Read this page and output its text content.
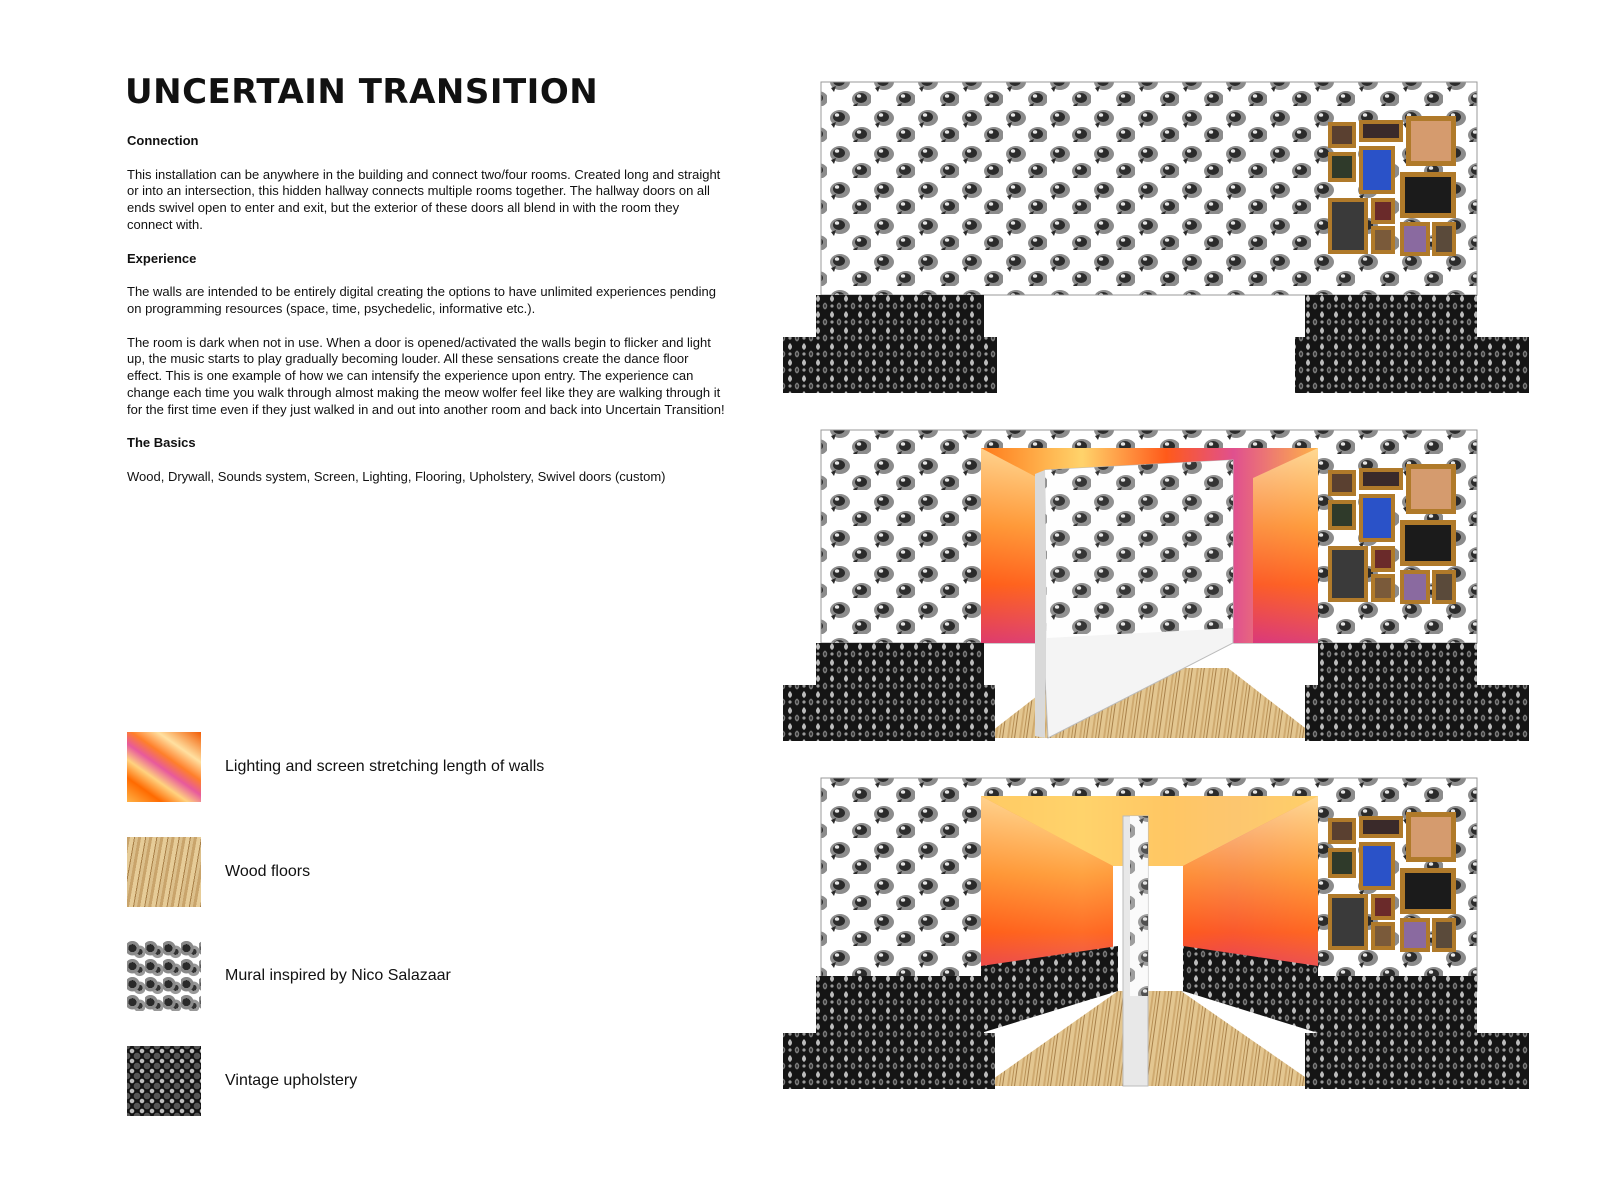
UNCERTAIN TRANSITION
Connection

This installation can be anywhere in the building and connect two/four rooms. Created long and straight or into an intersection, this hidden hallway connects multiple rooms together. The hallway doors on all ends swivel open to enter and exit, but the exterior of these doors all blend in with the room they connect with.

Experience

The walls are intended to be entirely digital creating the options to have unlimited experiences pending on programming resources (space, time, psychedelic, informative etc.).

The room is dark when not in use. When a door is opened/activated the walls begin to flicker and light up, the music starts to play gradually becoming louder. All these sensations create the dance floor effect. This is one example of how we can intensify the experience upon entry. The experience can change each time you walk through almost making the meow wolfer feel like they are walking through it for the first time even if they just walked in and out into another room and back into Uncertain Transition!

The Basics

Wood, Drywall, Sounds system, Screen, Lighting, Flooring, Upholstery, Swivel doors (custom)

Lighting and screen stretching length of walls
Wood floors
Mural inspired by Nico Salazaar
Vintage upholstery
